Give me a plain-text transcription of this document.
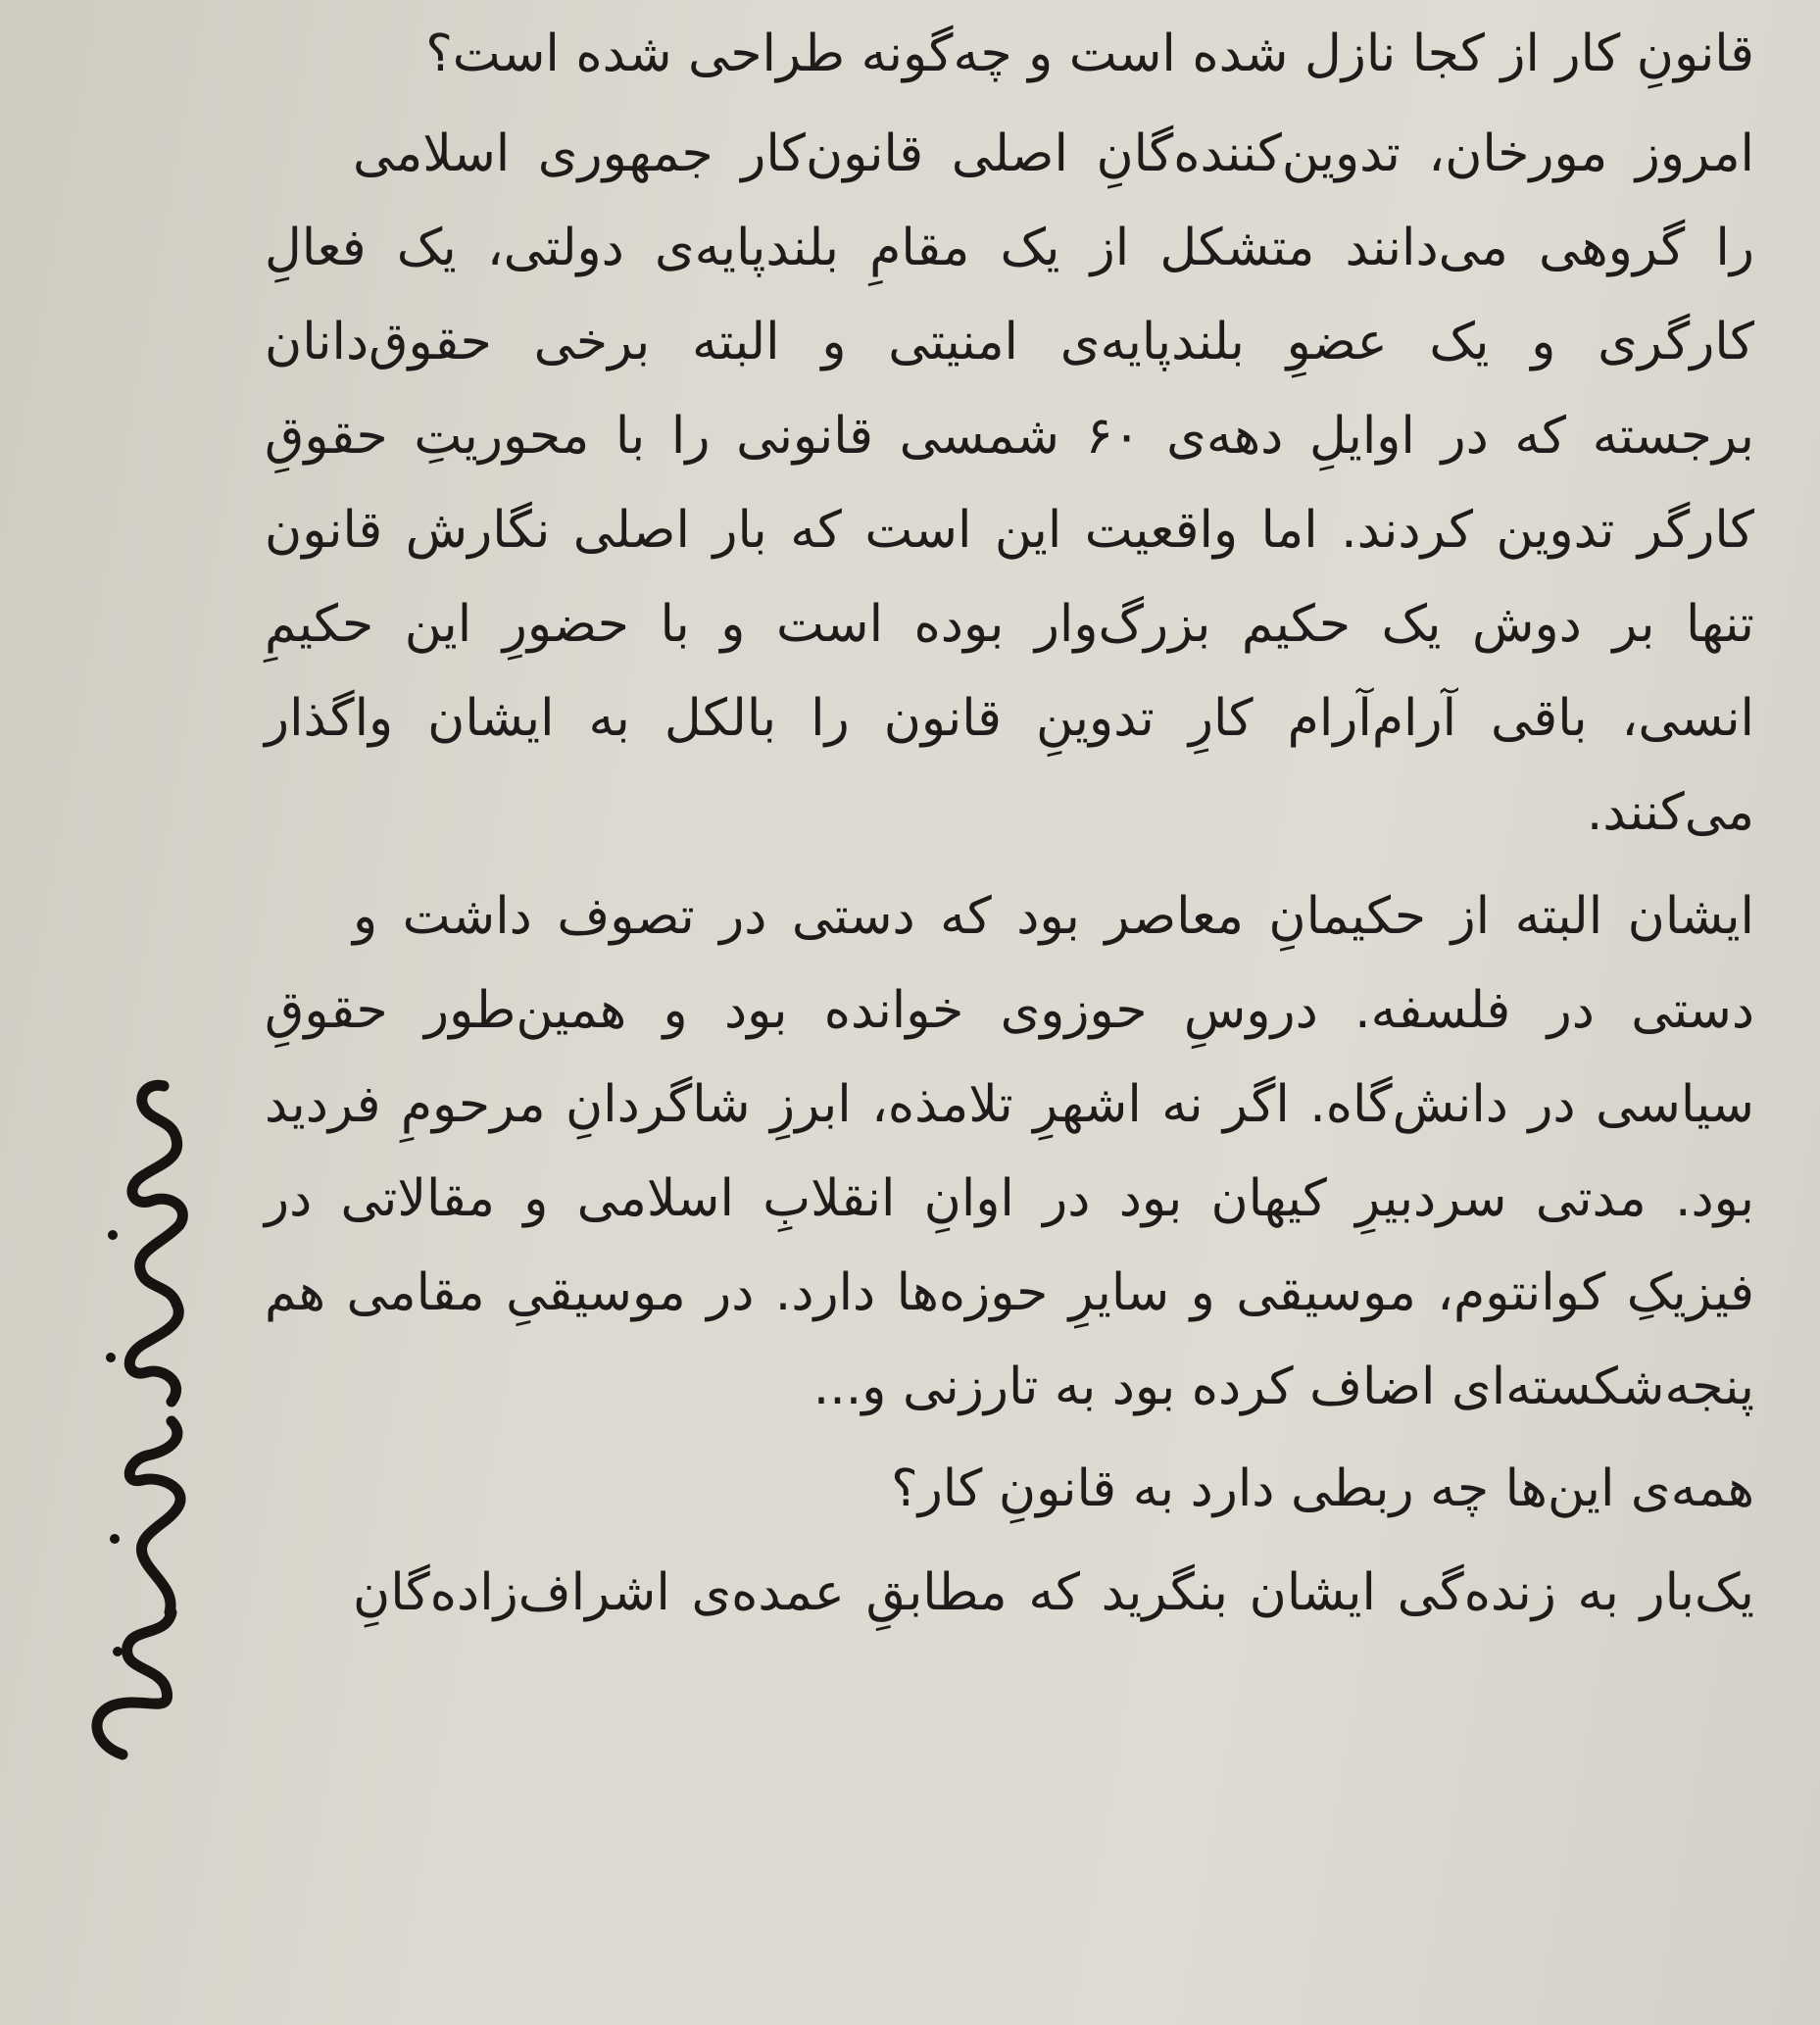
قانونِ کار از کجا نازل شده است و چه‌گونه طراحی شده است؟
امروز مورخان، تدوین‌کننده‌گانِ اصلی قانون‌کار جمهوری اسلامی
را گروهی می‌دانند متشکل از یک مقامِ بلندپایه‌ی دولتی، یک فعالِ
کارگری و یک عضوِ بلندپایه‌ی امنیتی و البته برخی حقوق‌دانان
برجسته که در اوایلِ دهه‌ی ۶۰ شمسی قانونی را با محوریتِ حقوقِ
کارگر تدوین کردند. اما واقعیت این است که بار اصلی نگارش قانون
تنها بر دوش یک حکیم بزرگ‌وار بوده است و با حضورِ این حکیمِ
انسی، باقی آرام‌آرام کارِ تدوینِ قانون را بالکل به ایشان واگذار
می‌کنند.
ایشان البته از حکیمانِ معاصر بود که دستی در تصوف داشت و
دستی در فلسفه. دروسِ حوزوی خوانده بود و همین‌طور حقوقِ
سیاسی در دانش‌گاه. اگر نه اشهرِ تلامذه، ابرزِ شاگردانِ مرحومِ فردید
بود. مدتی سردبیرِ کیهان بود در اوانِ انقلابِ اسلامی و مقالاتی در
فیزیکِ کوانتوم، موسیقی و سایرِ حوزه‌ها دارد. در موسیقیِ مقامی هم
پنجه‌شکسته‌ای اضاف کرده بود به تارزنی و...
همه‌ی این‌ها چه ربطی دارد به قانونِ کار؟
یک‌بار به زنده‌گی ایشان بنگرید که مطابقِ عمده‌ی اشراف‌زاده‌گانِ
